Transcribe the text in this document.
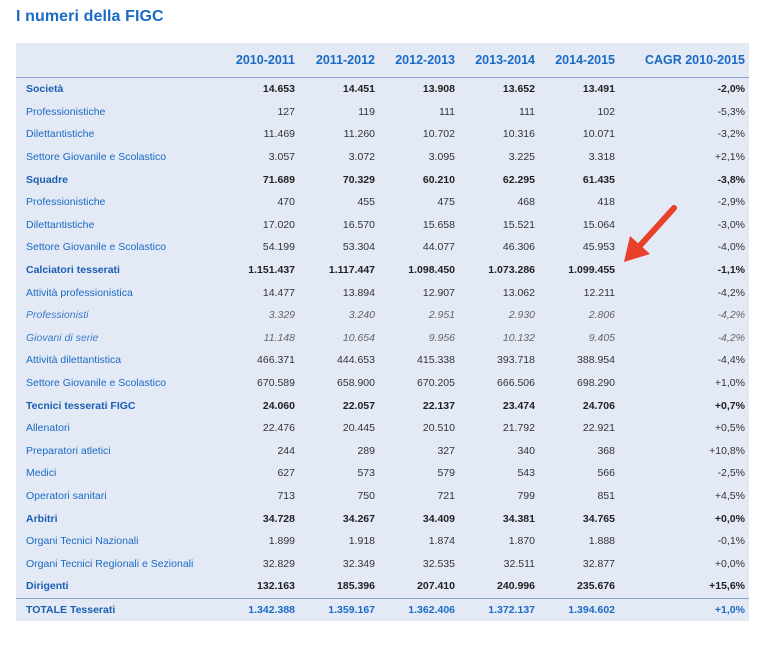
I numeri della FIGC
	2010-2011	2011-2012	2012-2013	2013-2014	2014-2015	CAGR 2010-2015
Società	14.653	14.451	13.908	13.652	13.491	-2,0%
Professionistiche	127	119	111	111	102	-5,3%
Dilettantistiche	11.469	11.260	10.702	10.316	10.071	-3,2%
Settore Giovanile e Scolastico	3.057	3.072	3.095	3.225	3.318	+2,1%
Squadre	71.689	70.329	60.210	62.295	61.435	-3,8%
Professionistiche	470	455	475	468	418	-2,9%
Dilettantistiche	17.020	16.570	15.658	15.521	15.064	-3,0%
Settore Giovanile e Scolastico	54.199	53.304	44.077	46.306	45.953	-4,0%
Calciatori tesserati	1.151.437	1.117.447	1.098.450	1.073.286	1.099.455	-1,1%
Attività professionistica	14.477	13.894	12.907	13.062	12.211	-4,2%
Professionisti	3.329	3.240	2.951	2.930	2.806	-4,2%
Giovani di serie	11.148	10.654	9.956	10.132	9.405	-4,2%
Attività dilettantistica	466.371	444.653	415.338	393.718	388.954	-4,4%
Settore Giovanile e Scolastico	670.589	658.900	670.205	666.506	698.290	+1,0%
Tecnici tesserati FIGC	24.060	22.057	22.137	23.474	24.706	+0,7%
Allenatori	22.476	20.445	20.510	21.792	22.921	+0,5%
Preparatori atletici	244	289	327	340	368	+10,8%
Medici	627	573	579	543	566	-2,5%
Operatori sanitari	713	750	721	799	851	+4,5%
Arbitri	34.728	34.267	34.409	34.381	34.765	+0,0%
Organi Tecnici Nazionali	1.899	1.918	1.874	1.870	1.888	-0,1%
Organi Tecnici Regionali e Sezionali	32.829	32.349	32.535	32.511	32.877	+0,0%
Dirigenti	132.163	185.396	207.410	240.996	235.676	+15,6%
TOTALE Tesserati	1.342.388	1.359.167	1.362.406	1.372.137	1.394.602	+1,0%
